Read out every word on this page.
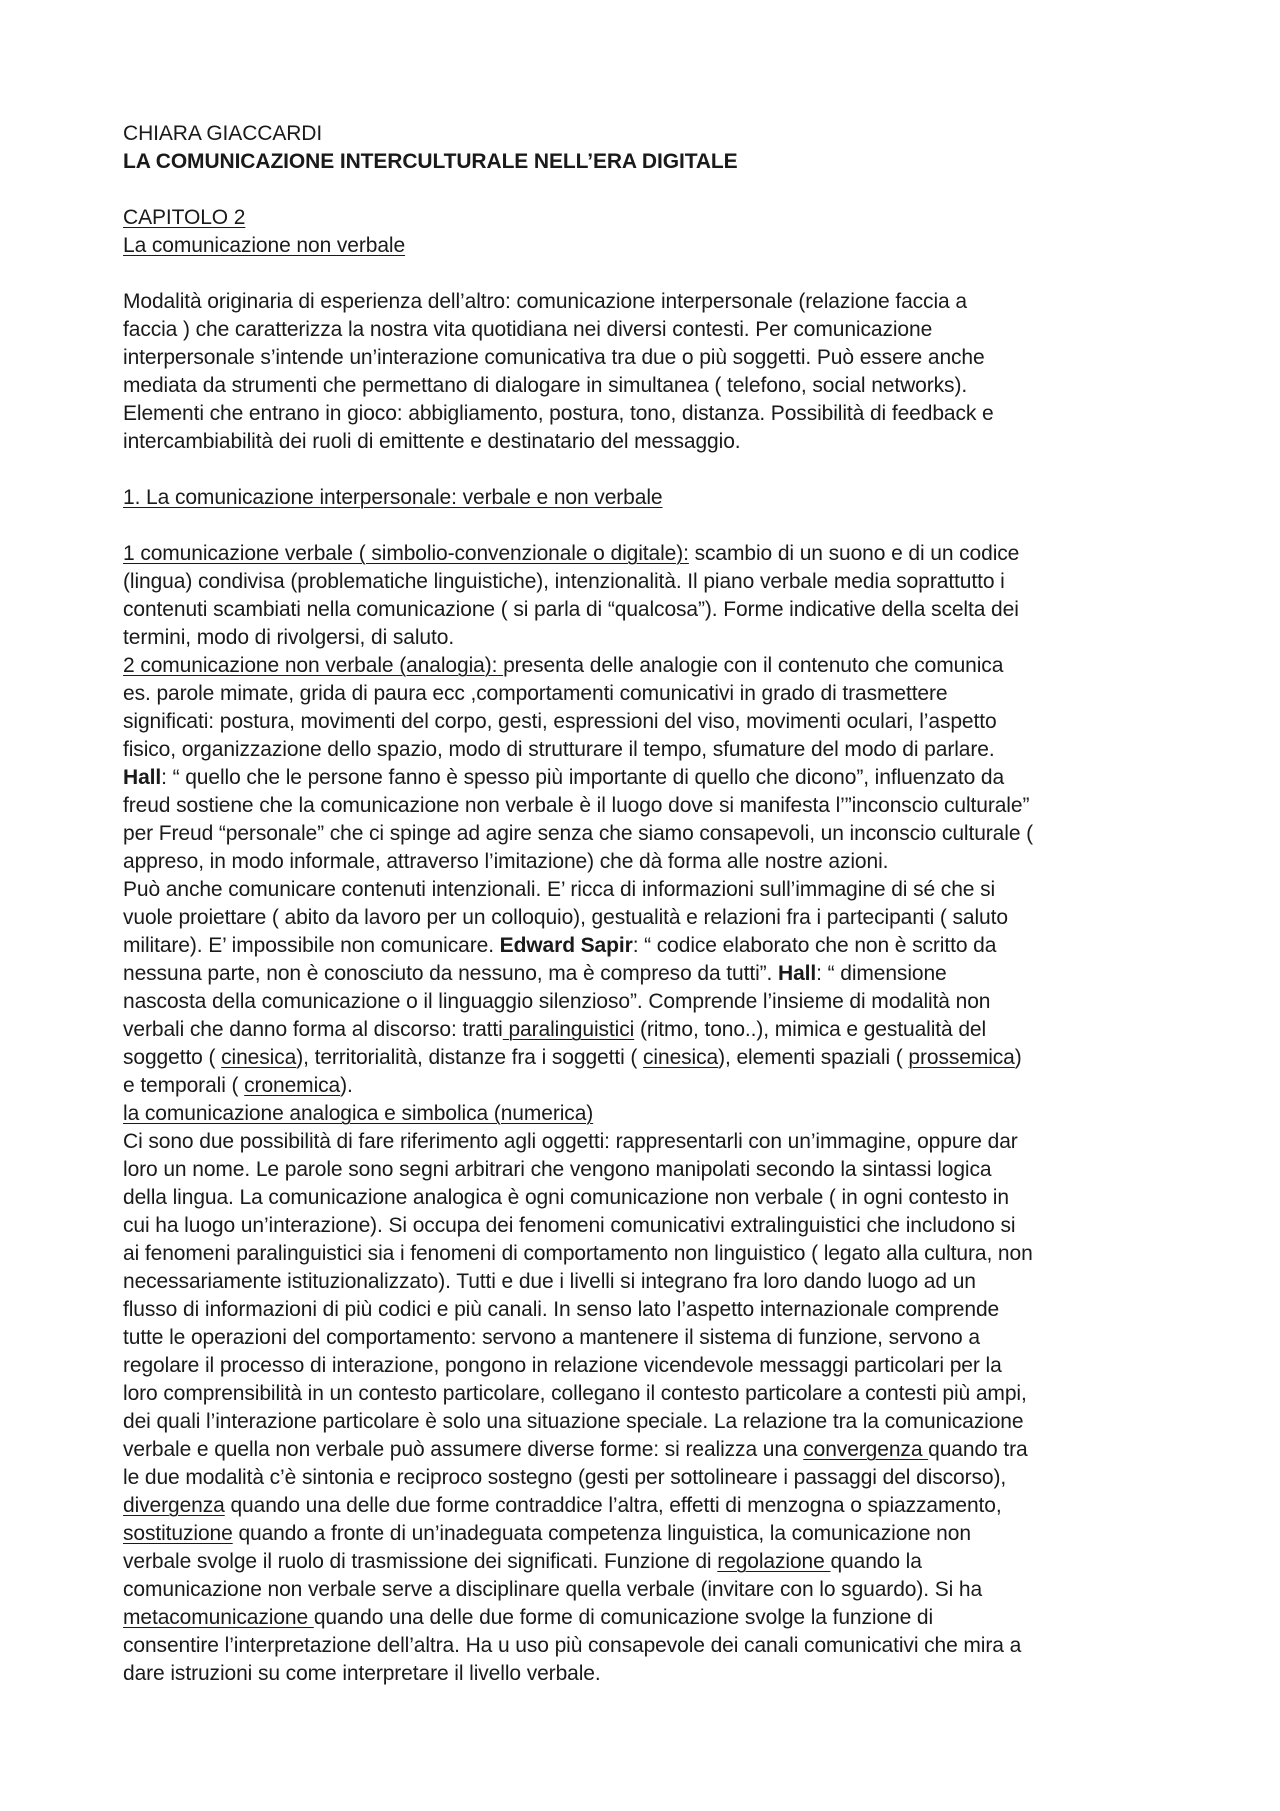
CHIARA GIACCARDI
LA COMUNICAZIONE INTERCULTURALE NELL’ERA DIGITALE
CAPITOLO 2
La comunicazione non verbale
Modalità originaria di esperienza dell’altro: comunicazione interpersonale (relazione faccia a
faccia ) che caratterizza la nostra vita quotidiana nei diversi contesti. Per comunicazione
interpersonale s’intende un’interazione comunicativa tra due o più soggetti. Può essere anche
mediata da strumenti che permettano di dialogare in simultanea ( telefono, social networks).
Elementi che entrano in gioco: abbigliamento, postura, tono, distanza. Possibilità di feedback e
intercambiabilità dei ruoli di emittente e destinatario del messaggio.
1. La comunicazione interpersonale: verbale e non verbale
1 comunicazione verbale ( simbolio-convenzionale o digitale): scambio di un suono e di un codice
(lingua) condivisa (problematiche linguistiche), intenzionalità. Il piano verbale media soprattutto i
contenuti scambiati nella comunicazione ( si parla di “qualcosa”). Forme indicative della scelta dei
termini, modo di rivolgersi, di saluto.
2 comunicazione non verbale (analogia): presenta delle analogie con il contenuto che comunica
es. parole mimate, grida di paura ecc ,comportamenti comunicativi in grado di trasmettere
significati: postura, movimenti del corpo, gesti, espressioni del viso, movimenti oculari, l’aspetto
fisico, organizzazione dello spazio, modo di strutturare il tempo, sfumature del modo di parlare.
Hall: “ quello che le persone fanno è spesso più importante di quello che dicono”, influenzato da
freud sostiene che la comunicazione non verbale è il luogo dove si manifesta l’”inconscio culturale”
per Freud “personale” che ci spinge ad agire senza che siamo consapevoli, un inconscio culturale (
appreso, in modo informale, attraverso l’imitazione) che dà forma alle nostre azioni.
Può anche comunicare contenuti intenzionali. E’ ricca di informazioni sull’immagine di sé che si
vuole proiettare ( abito da lavoro per un colloquio), gestualità e relazioni fra i partecipanti ( saluto
militare). E’ impossibile non comunicare. Edward Sapir: “ codice elaborato che non è scritto da
nessuna parte, non è conosciuto da nessuno, ma è compreso da tutti”. Hall: “ dimensione
nascosta della comunicazione o il linguaggio silenzioso”. Comprende l’insieme di modalità non
verbali che danno forma al discorso: tratti paralinguistici (ritmo, tono..), mimica e gestualità del
soggetto ( cinesica), territorialità, distanze fra i soggetti ( cinesica), elementi spaziali ( prossemica)
e temporali ( cronemica).
la comunicazione analogica e simbolica (numerica)
Ci sono due possibilità di fare riferimento agli oggetti: rappresentarli con un’immagine, oppure dar
loro un nome. Le parole sono segni arbitrari che vengono manipolati secondo la sintassi logica
della lingua. La comunicazione analogica è ogni comunicazione non verbale ( in ogni contesto in
cui ha luogo un’interazione). Si occupa dei fenomeni comunicativi extralinguistici che includono si
ai fenomeni paralinguistici sia i fenomeni di comportamento non linguistico ( legato alla cultura, non
necessariamente istituzionalizzato). Tutti e due i livelli si integrano fra loro dando luogo ad un
flusso di informazioni di più codici e più canali. In senso lato l’aspetto internazionale comprende
tutte le operazioni del comportamento: servono a mantenere il sistema di funzione, servono a
regolare il processo di interazione, pongono in relazione vicendevole messaggi particolari per la
loro comprensibilità in un contesto particolare, collegano il contesto particolare a contesti più ampi,
dei quali l’interazione particolare è solo una situazione speciale. La relazione tra la comunicazione
verbale e quella non verbale può assumere diverse forme: si realizza una convergenza quando tra
le due modalità c’è sintonia e reciproco sostegno (gesti per sottolineare i passaggi del discorso),
divergenza quando una delle due forme contraddice l’altra, effetti di menzogna o spiazzamento,
sostituzione quando a fronte di un’inadeguata competenza linguistica, la comunicazione non
verbale svolge il ruolo di trasmissione dei significati. Funzione di regolazione quando la
comunicazione non verbale serve a disciplinare quella verbale (invitare con lo sguardo). Si ha
metacomunicazione quando una delle due forme di comunicazione svolge la funzione di
consentire l’interpretazione dell’altra. Ha u uso più consapevole dei canali comunicativi che mira a
dare istruzioni su come interpretare il livello verbale.
